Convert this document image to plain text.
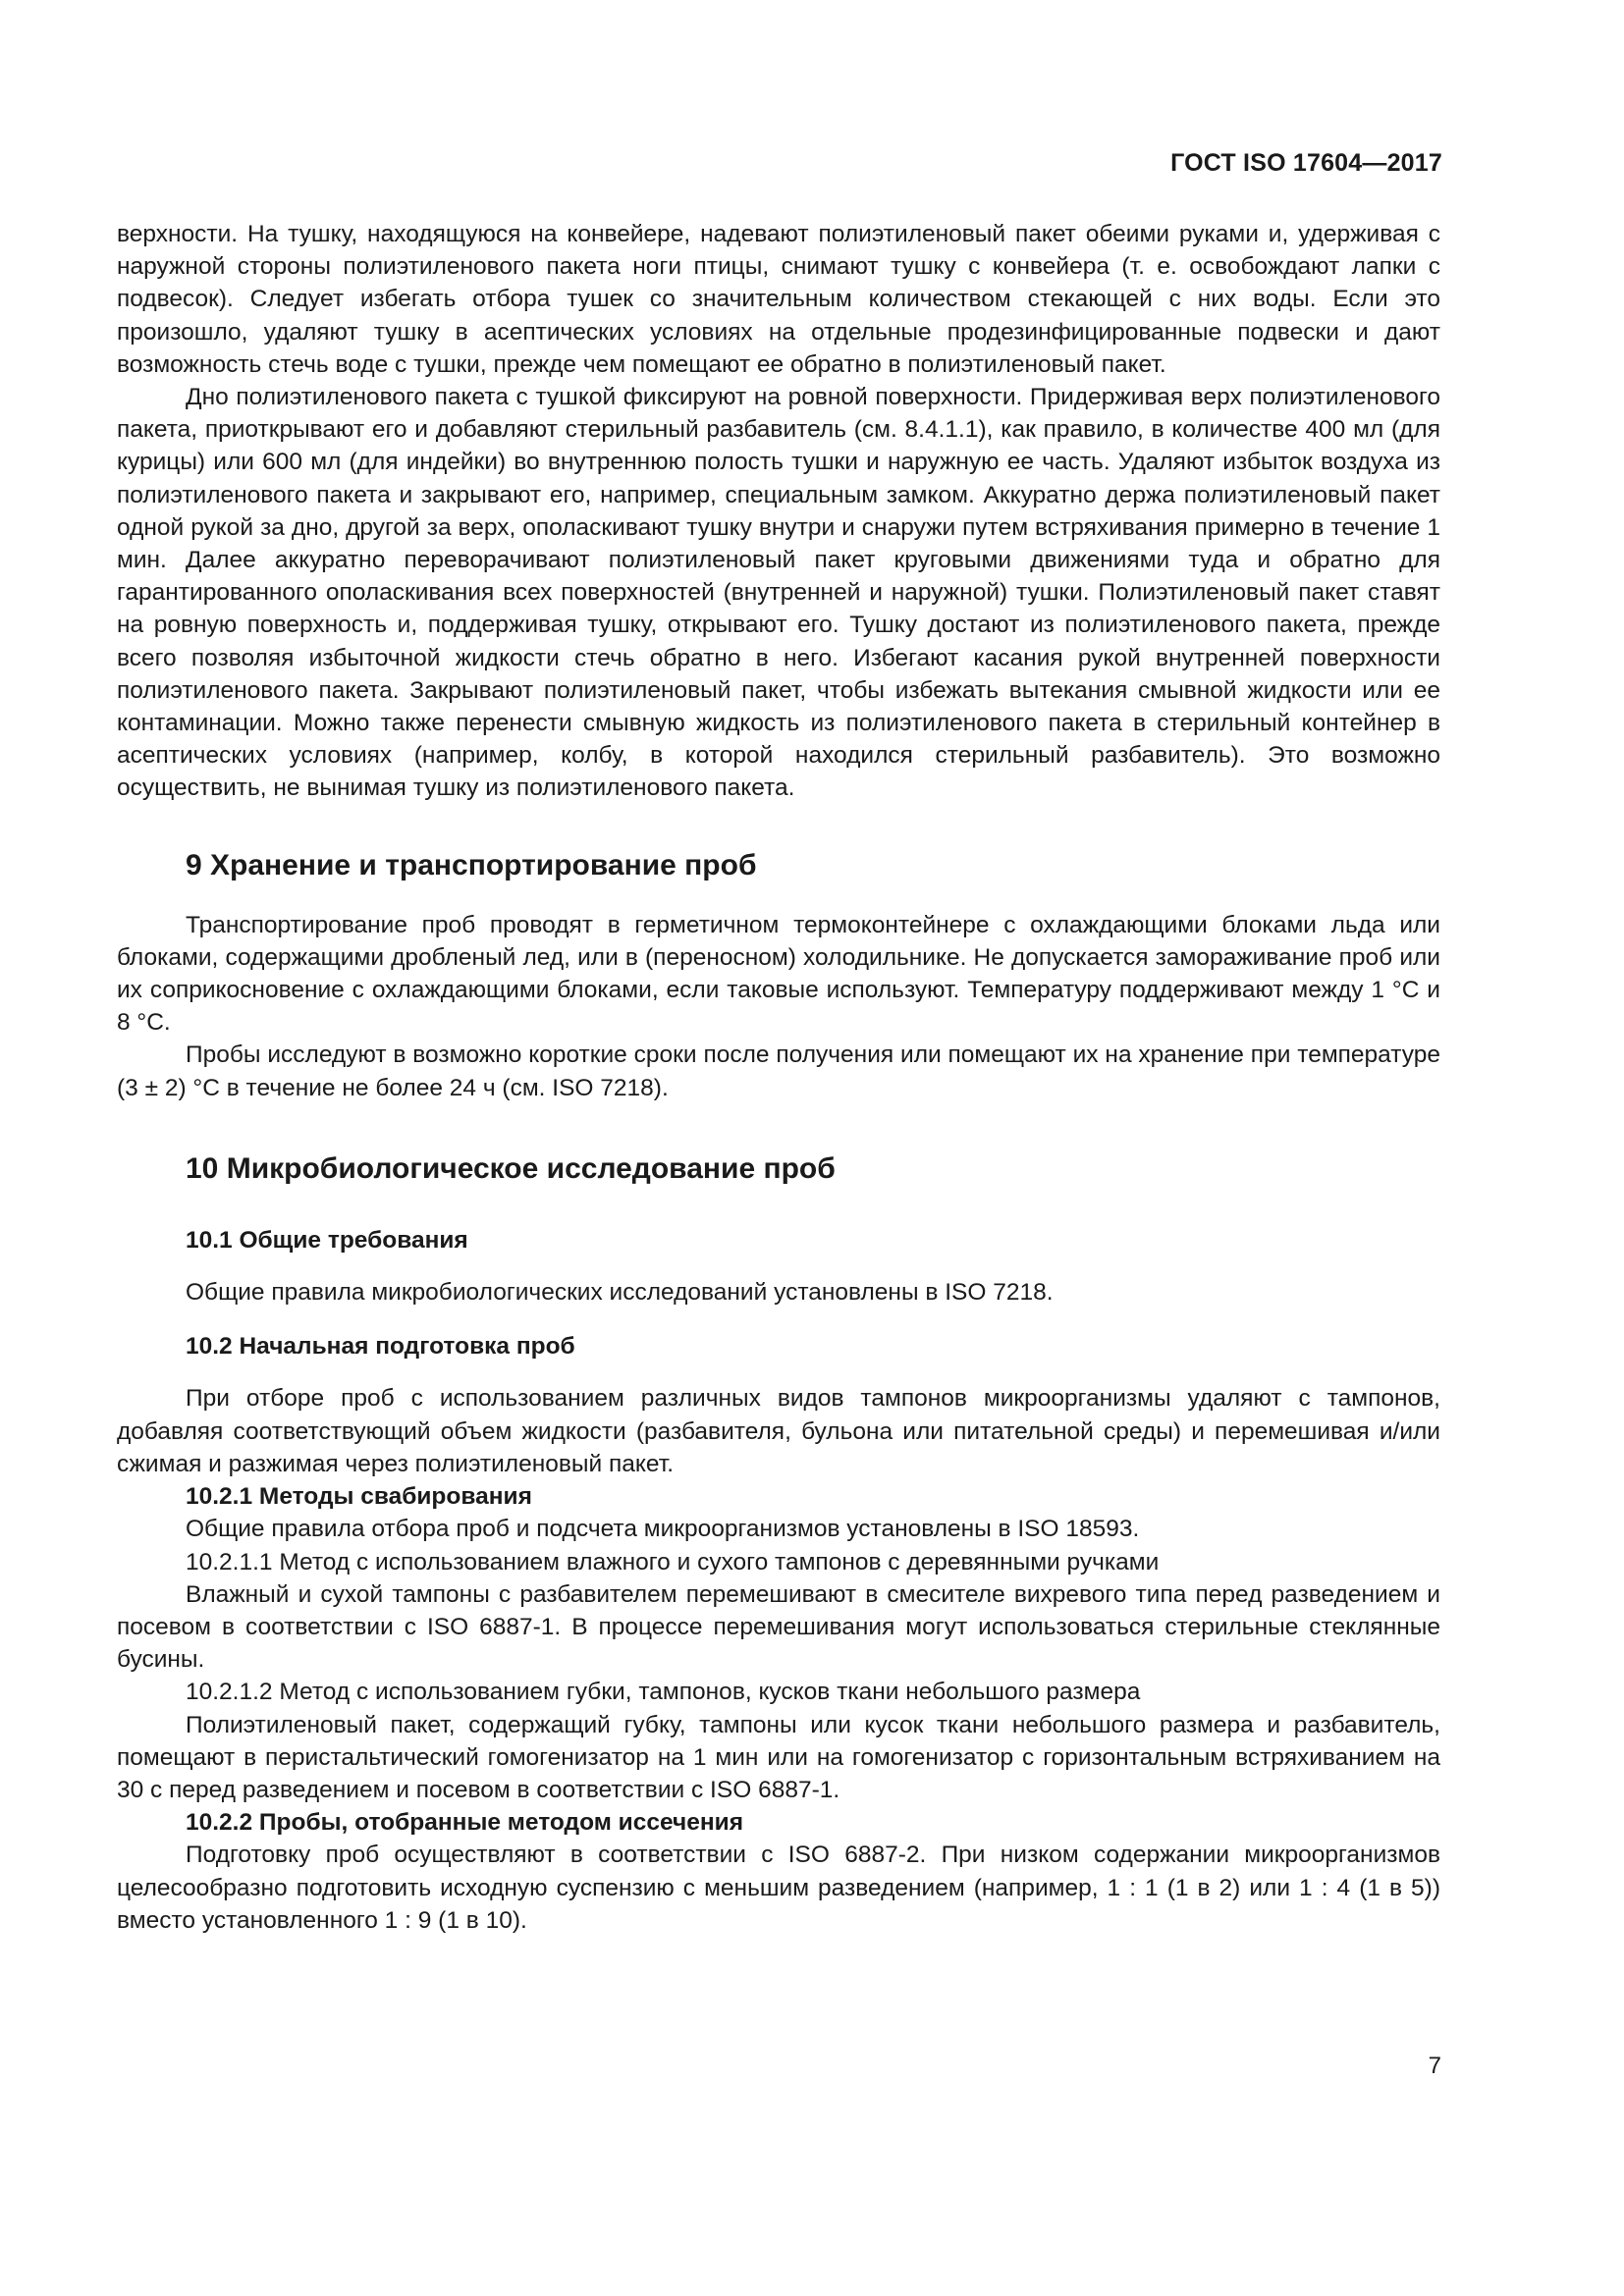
ГОСТ ISO 17604—2017

верхности. На тушку, находящуюся на конвейере, надевают полиэтиленовый пакет обеими руками и, удерживая с наружной стороны полиэтиленового пакета ноги птицы, снимают тушку с конвейера (т. е. освобождают лапки с подвесок). Следует избегать отбора тушек со значительным количеством стекающей с них воды. Если это произошло, удаляют тушку в асептических условиях на отдельные продезинфицированные подвески и дают возможность стечь воде с тушки, прежде чем помещают ее обратно в полиэтиленовый пакет.

Дно полиэтиленового пакета с тушкой фиксируют на ровной поверхности. Придерживая верх полиэтиленового пакета, приоткрывают его и добавляют стерильный разбавитель (см. 8.4.1.1), как правило, в количестве 400 мл (для курицы) или 600 мл (для индейки) во внутреннюю полость тушки и наружную ее часть. Удаляют избыток воздуха из полиэтиленового пакета и закрывают его, например, специальным замком. Аккуратно держа полиэтиленовый пакет одной рукой за дно, другой за верх, ополаскивают тушку внутри и снаружи путем встряхивания примерно в течение 1 мин. Далее аккуратно переворачивают полиэтиленовый пакет круговыми движениями туда и обратно для гарантированного ополаскивания всех поверхностей (внутренней и наружной) тушки. Полиэтиленовый пакет ставят на ровную поверхность и, поддерживая тушку, открывают его. Тушку достают из полиэтиленового пакета, прежде всего позволяя избыточной жидкости стечь обратно в него. Избегают касания рукой внутренней поверхности полиэтиленового пакета. Закрывают полиэтиленовый пакет, чтобы избежать вытекания смывной жидкости или ее контаминации. Можно также перенести смывную жидкость из полиэтиленового пакета в стерильный контейнер в асептических условиях (например, колбу, в которой находился стерильный разбавитель). Это возможно осуществить, не вынимая тушку из полиэтиленового пакета.

9 Хранение и транспортирование проб

Транспортирование проб проводят в герметичном термоконтейнере с охлаждающими блоками льда или блоками, содержащими дробленый лед, или в (переносном) холодильнике. Не допускается замораживание проб или их соприкосновение с охлаждающими блоками, если таковые используют. Температуру поддерживают между 1 °С и 8 °С.

Пробы исследуют в возможно короткие сроки после получения или помещают их на хранение при температуре (3 ± 2) °С в течение не более 24 ч (см. ISO 7218).

10 Микробиологическое исследование проб

10.1 Общие требования

Общие правила микробиологических исследований установлены в ISO 7218.

10.2 Начальная подготовка проб

При отборе проб с использованием различных видов тампонов микроорганизмы удаляют с тампонов, добавляя соответствующий объем жидкости (разбавителя, бульона или питательной среды) и перемешивая и/или сжимая и разжимая через полиэтиленовый пакет.

10.2.1 Методы свабирования

Общие правила отбора проб и подсчета микроорганизмов установлены в ISO 18593.

10.2.1.1 Метод с использованием влажного и сухого тампонов с деревянными ручками

Влажный и сухой тампоны с разбавителем перемешивают в смесителе вихревого типа перед разведением и посевом в соответствии с ISO 6887-1. В процессе перемешивания могут использоваться стерильные стеклянные бусины.

10.2.1.2 Метод с использованием губки, тампонов, кусков ткани небольшого размера

Полиэтиленовый пакет, содержащий губку, тампоны или кусок ткани небольшого размера и разбавитель, помещают в перистальтический гомогенизатор на 1 мин или на гомогенизатор с горизонтальным встряхиванием на 30 с перед разведением и посевом в соответствии с ISO 6887-1.

10.2.2 Пробы, отобранные методом иссечения

Подготовку проб осуществляют в соответствии с ISO 6887-2. При низком содержании микроорганизмов целесообразно подготовить исходную суспензию с меньшим разведением (например, 1 : 1 (1 в 2) или 1 : 4 (1 в 5)) вместо установленного 1 : 9 (1 в 10).

7
